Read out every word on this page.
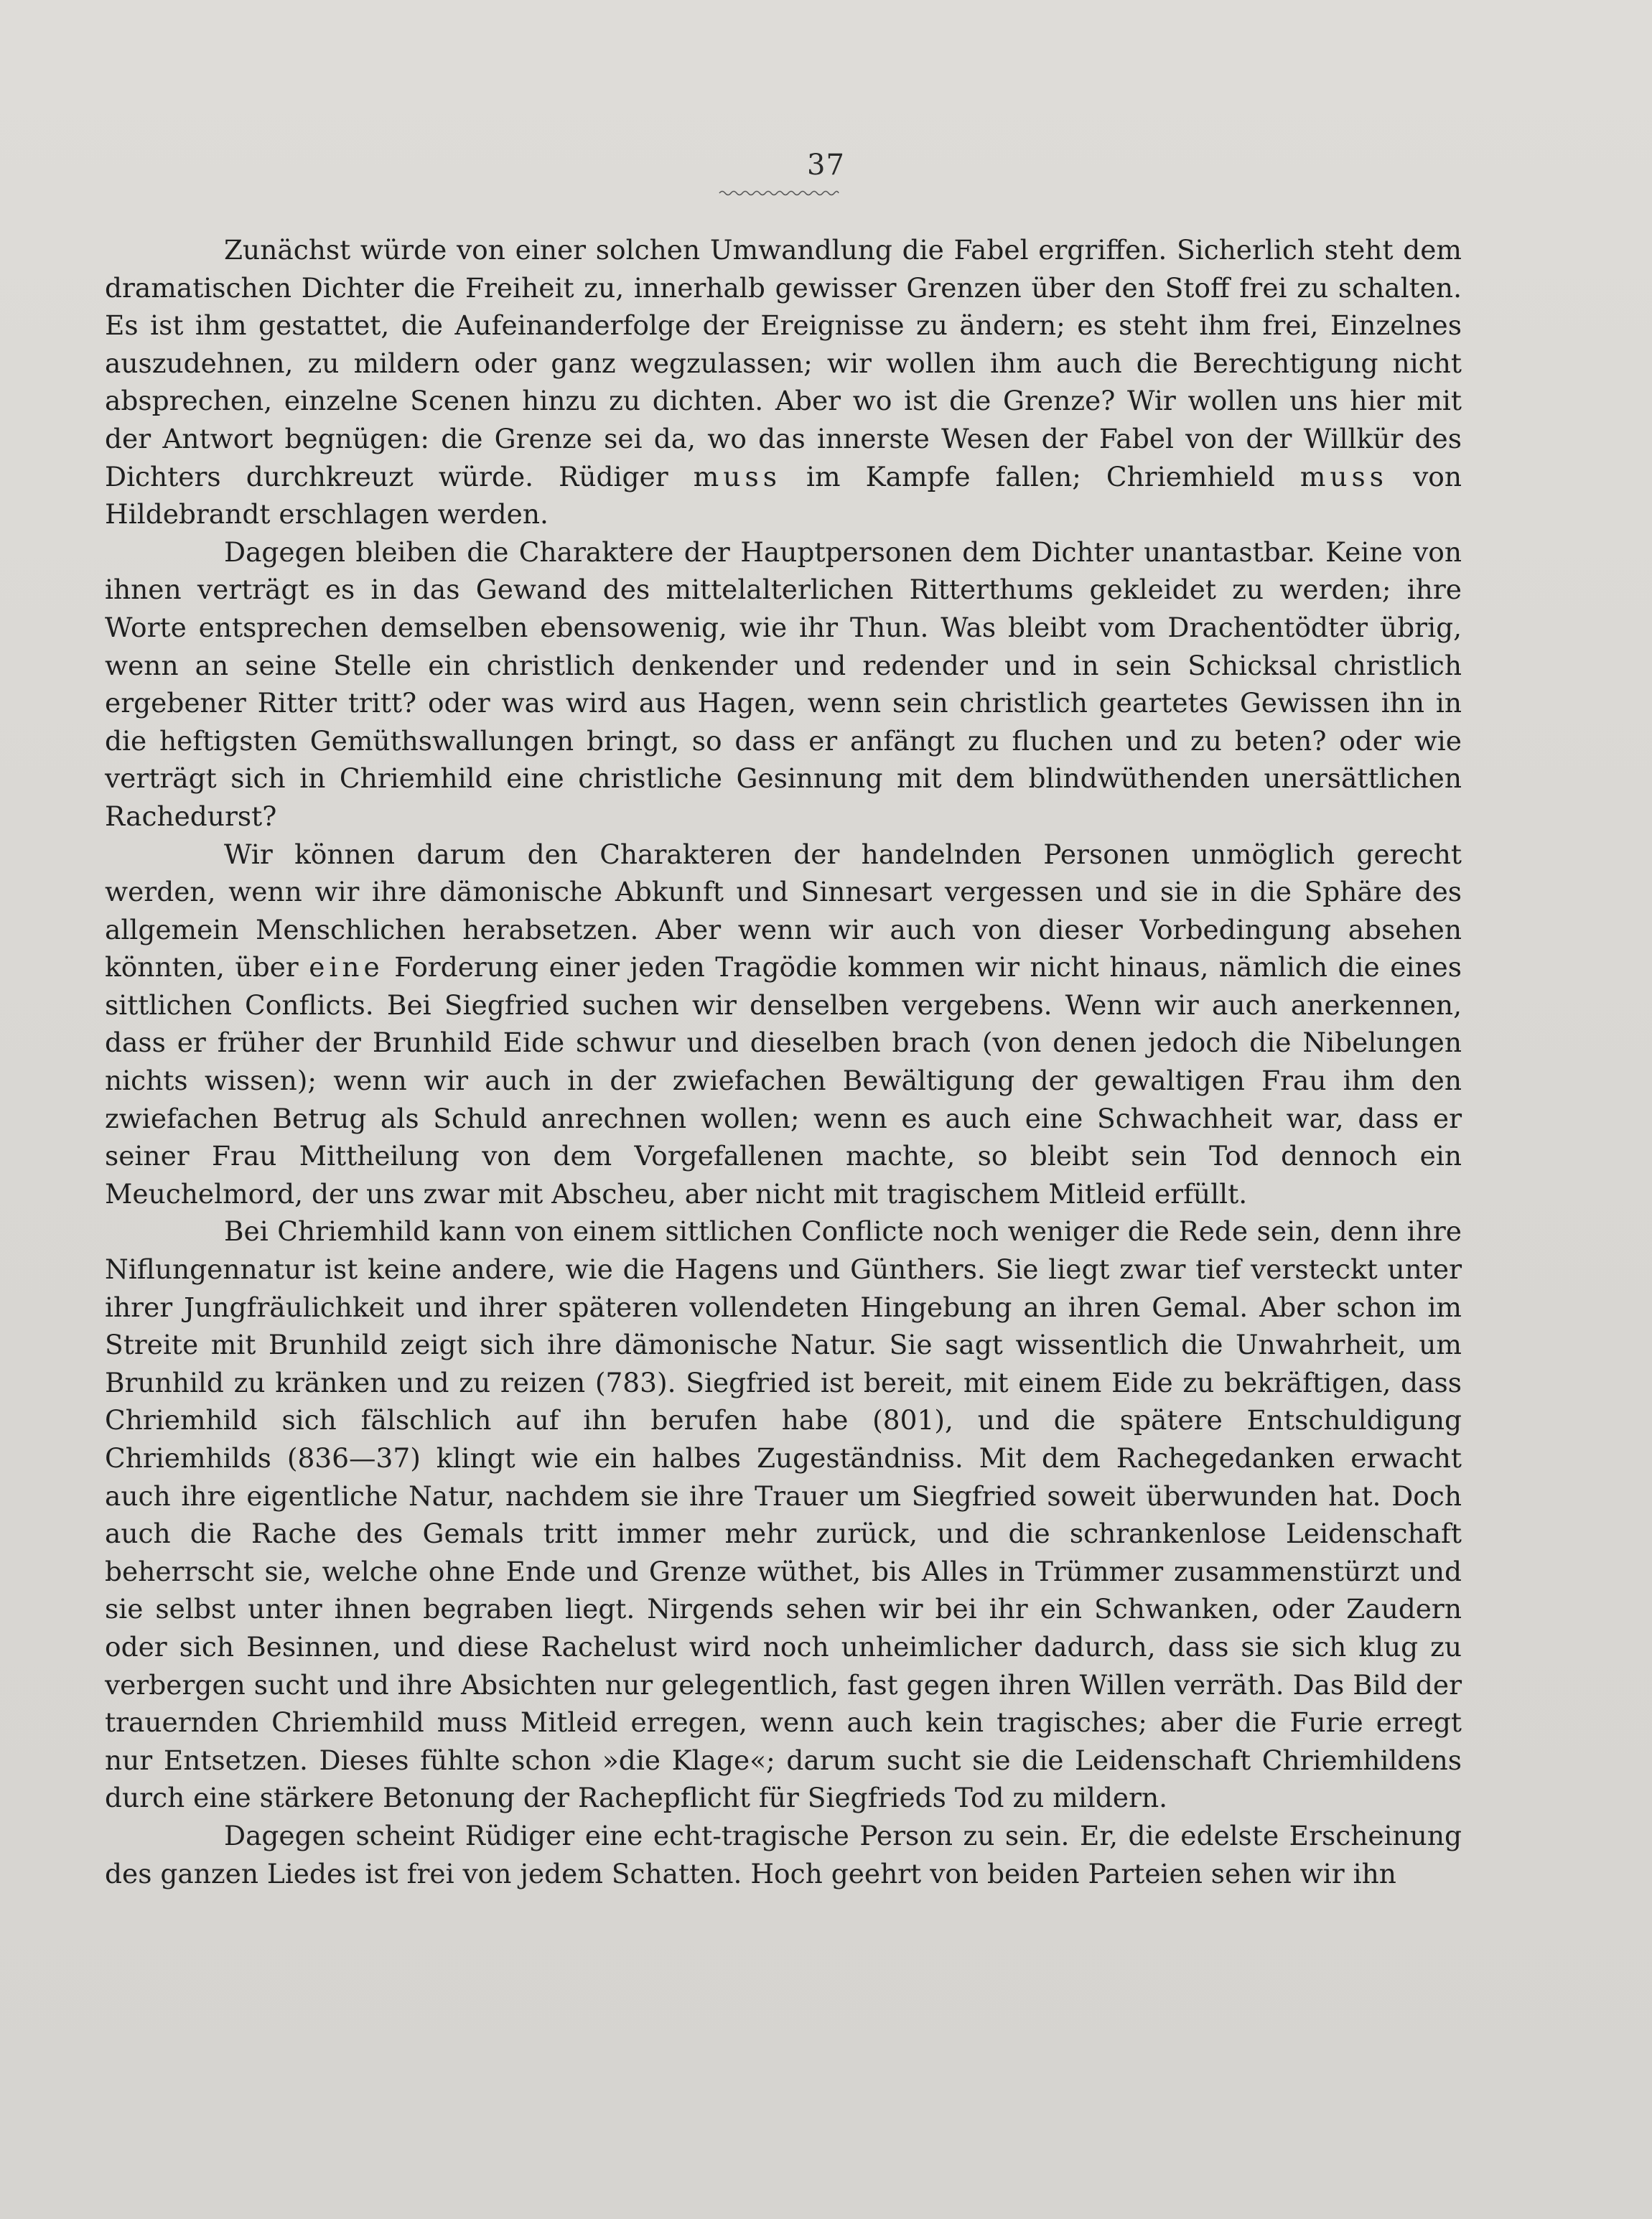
37

Zunächst würde von einer solchen Umwandlung die Fabel ergriffen. Sicherlich steht dem dramatischen Dichter die Freiheit zu, innerhalb gewisser Grenzen über den Stoff frei zu schalten. Es ist ihm gestattet, die Aufeinanderfolge der Ereignisse zu ändern; es steht ihm frei, Einzelnes auszudehnen, zu mildern oder ganz wegzulassen; wir wollen ihm auch die Berechtigung nicht absprechen, einzelne Scenen hinzu zu dichten. Aber wo ist die Grenze? Wir wollen uns hier mit der Antwort begnügen: die Grenze sei da, wo das innerste Wesen der Fabel von der Willkür des Dichters durchkreuzt würde. Rüdiger muss im Kampfe fallen; Chriemhield muss von Hildebrandt erschlagen werden.

Dagegen bleiben die Charaktere der Hauptpersonen dem Dichter unantastbar. Keine von ihnen verträgt es in das Gewand des mittelalterlichen Ritterthums gekleidet zu werden; ihre Worte entsprechen demselben ebensowenig, wie ihr Thun. Was bleibt vom Drachentödter übrig, wenn an seine Stelle ein christlich denkender und redender und in sein Schicksal christlich ergebener Ritter tritt? oder was wird aus Hagen, wenn sein christlich geartetes Gewissen ihn in die heftigsten Gemüthswallungen bringt, so dass er anfängt zu fluchen und zu beten? oder wie verträgt sich in Chriemhild eine christliche Gesinnung mit dem blindwüthenden unersättlichen Rachedurst?

Wir können darum den Charakteren der handelnden Personen unmöglich gerecht werden, wenn wir ihre dämonische Abkunft und Sinnesart vergessen und sie in die Sphäre des allgemein Menschlichen herabsetzen. Aber wenn wir auch von dieser Vorbedingung absehen könnten, über eine Forderung einer jeden Tragödie kommen wir nicht hinaus, nämlich die eines sittlichen Conflicts. Bei Siegfried suchen wir denselben vergebens. Wenn wir auch anerkennen, dass er früher der Brunhild Eide schwur und dieselben brach (von denen jedoch die Nibelungen nichts wissen); wenn wir auch in der zwiefachen Bewältigung der gewaltigen Frau ihm den zwiefachen Betrug als Schuld anrechnen wollen; wenn es auch eine Schwachheit war, dass er seiner Frau Mittheilung von dem Vorgefallenen machte, so bleibt sein Tod dennoch ein Meuchelmord, der uns zwar mit Abscheu, aber nicht mit tragischem Mitleid erfüllt.

Bei Chriemhild kann von einem sittlichen Conflicte noch weniger die Rede sein, denn ihre Niflungennatur ist keine andere, wie die Hagens und Günthers. Sie liegt zwar tief versteckt unter ihrer Jungfräulichkeit und ihrer späteren vollendeten Hingebung an ihren Gemal. Aber schon im Streite mit Brunhild zeigt sich ihre dämonische Natur. Sie sagt wissentlich die Unwahrheit, um Brunhild zu kränken und zu reizen (783). Siegfried ist bereit, mit einem Eide zu bekräftigen, dass Chriemhild sich fälschlich auf ihn berufen habe (801), und die spätere Entschuldigung Chriemhilds (836—37) klingt wie ein halbes Zugeständniss. Mit dem Rachegedanken erwacht auch ihre eigentliche Natur, nachdem sie ihre Trauer um Siegfried soweit überwunden hat. Doch auch die Rache des Gemals tritt immer mehr zurück, und die schrankenlose Leidenschaft beherrscht sie, welche ohne Ende und Grenze wüthet, bis Alles in Trümmer zusammenstürzt und sie selbst unter ihnen begraben liegt. Nirgends sehen wir bei ihr ein Schwanken, oder Zaudern oder sich Besinnen, und diese Rachelust wird noch unheimlicher dadurch, dass sie sich klug zu verbergen sucht und ihre Absichten nur gelegentlich, fast gegen ihren Willen verräth. Das Bild der trauernden Chriemhild muss Mitleid erregen, wenn auch kein tragisches; aber die Furie erregt nur Entsetzen. Dieses fühlte schon »die Klage«; darum sucht sie die Leidenschaft Chriemhildens durch eine stärkere Betonung der Rachepflicht für Siegfrieds Tod zu mildern.

Dagegen scheint Rüdiger eine echt-tragische Person zu sein. Er, die edelste Erscheinung des ganzen Liedes ist frei von jedem Schatten. Hoch geehrt von beiden Parteien sehen wir ihn
